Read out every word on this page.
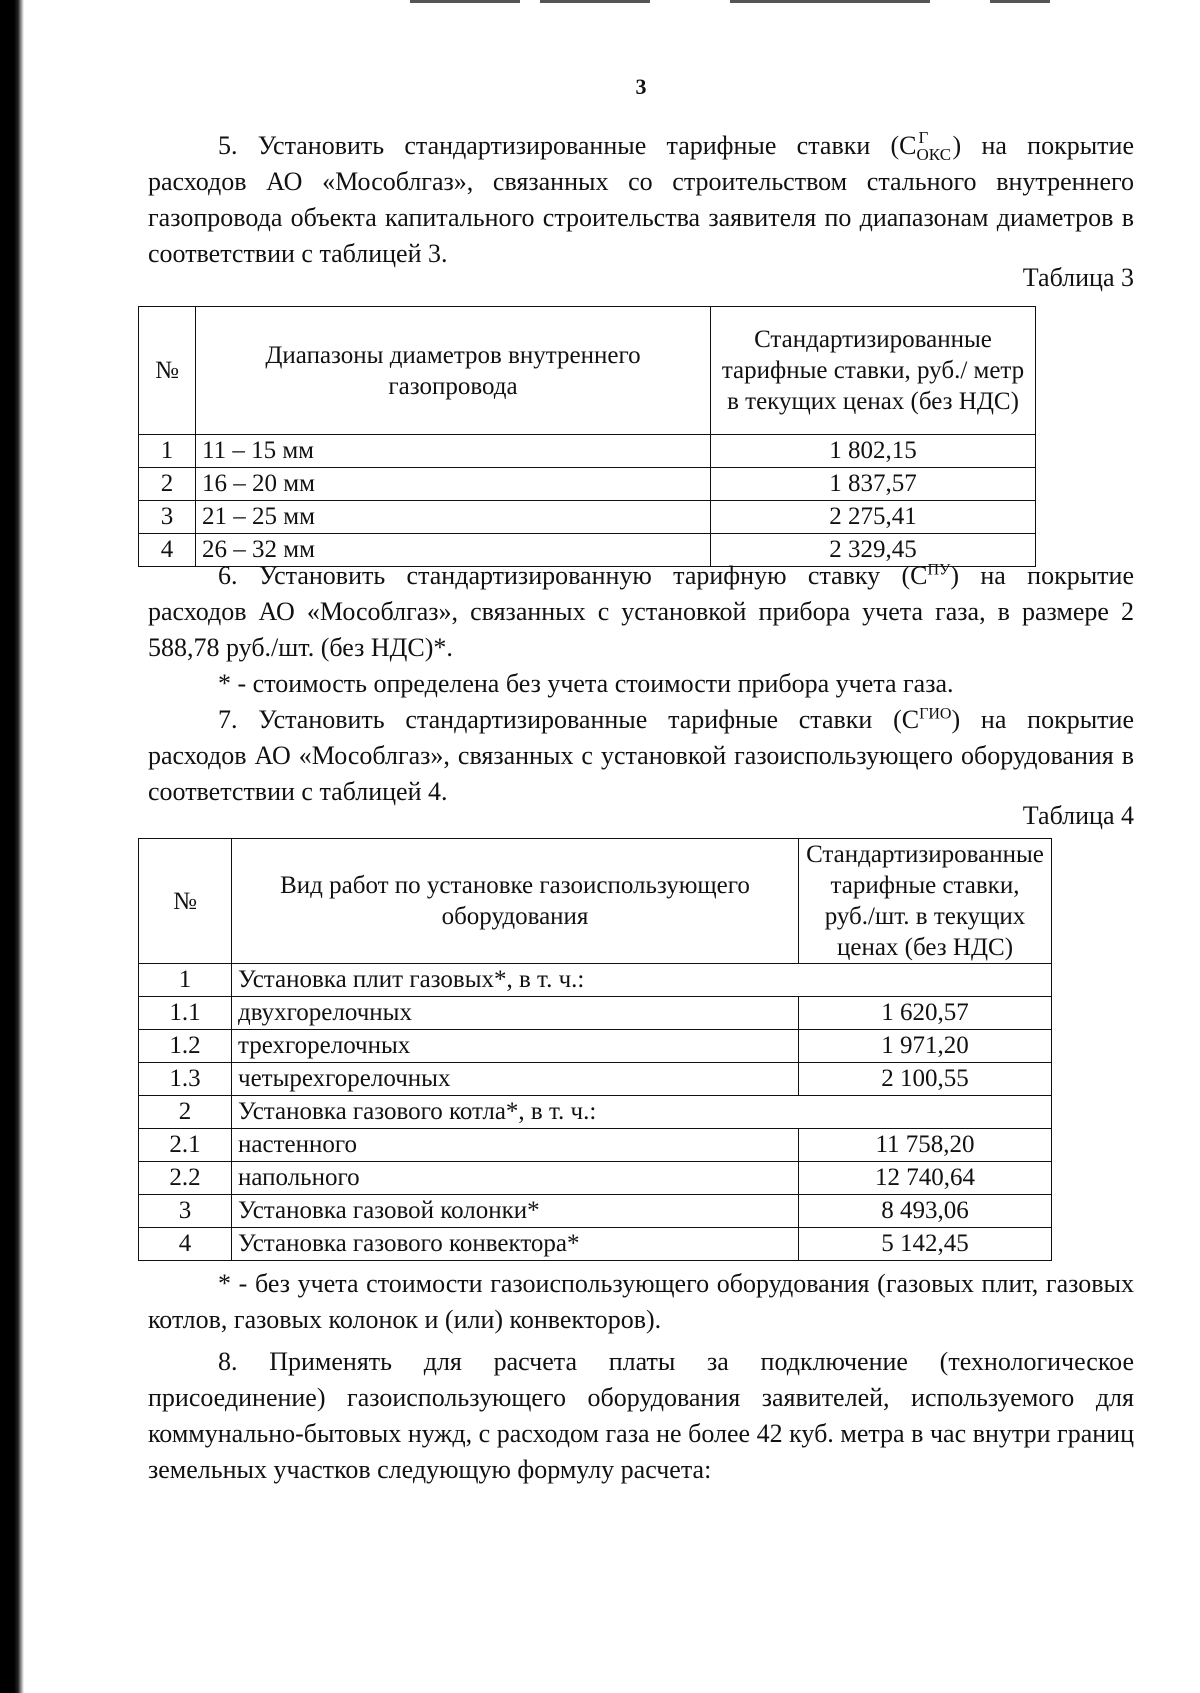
3

5. Установить стандартизированные тарифные ставки (С Г
ОКС ) на покрытие расходов АО «Мособлгаз», связанных со строительством стального внутреннего газопровода объекта капитального строительства заявителя по диапазонам диаметров в соответствии с таблицей 3.

Таблица 3
№	Диапазоны диаметров внутреннего газопровода	Стандартизированные тарифные ставки, руб./ метр в текущих ценах (без НДС)
1	11 – 15 мм	1 802,15
2	16 – 20 мм	1 837,57
3	21 – 25 мм	2 275,41
4	26 – 32 мм	2 329,45

6. Установить стандартизированную тарифную ставку $(С^{ПУ})$ на покрытие расходов АО «Мособлгаз», связанных с установкой прибора учета газа, в размере 2 588,78 руб./шт. (без НДС)*.

* - стоимость определена без учета стоимости прибора учета газа.

7. Установить стандартизированные тарифные ставки $(С^{ГИО})$ на покрытие расходов АО «Мособлгаз», связанных с установкой газоиспользующего оборудования в соответствии с таблицей 4.

Таблица 4
№	Вид работ по установке газоиспользующего оборудования	Стандартизированные тарифные ставки, руб./шт. в текущих ценах (без НДС)
1	Установка плит газовых*, в т. ч.:	
1.1	двухгорелочных	1 620,57
1.2	трехгорелочных	1 971,20
1.3	четырехгорелочных	2 100,55
2	Установка газового котла*, в т. ч.:	
2.1	настенного	11 758,20
2.2	напольного	12 740,64
3	Установка газовой колонки*	8 493,06
4	Установка газового конвектора*	5 142,45

* - без учета стоимости газоиспользующего оборудования (газовых плит, газовых котлов, газовых колонок и (или) конвекторов).

8. Применять для расчета платы за подключение (технологическое присоединение) газоиспользующего оборудования заявителей, используемого для коммунально-бытовых нужд, с расходом газа не более 42 куб. метра в час внутри границ земельных участков следующую формулу расчета:
